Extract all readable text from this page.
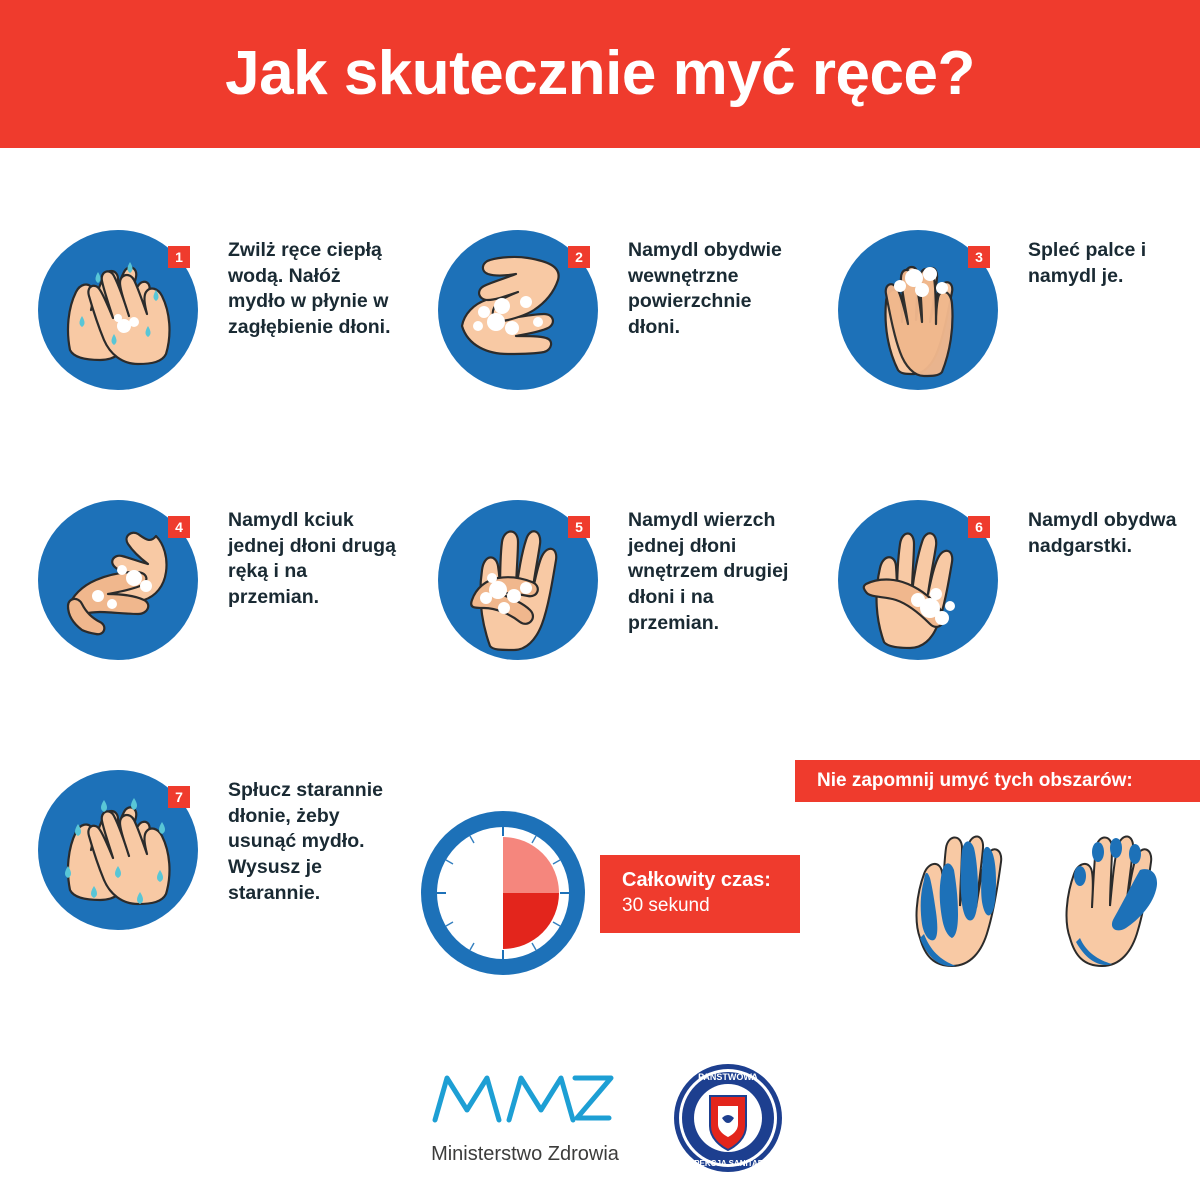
Jak skutecznie myć ręce?
1	Zwilż ręce ciepłą wodą. Nałóż mydło w płynie w zagłębienie dłoni.
2	Namydl obydwie wewnętrzne powierzchnie dłoni.
3	Spleć palce i namydl je.
4	Namydl kciuk jednej dłoni drugą ręką i na przemian.
5	Namydl wierzch jednej dłoni wnętrzem drugiej dłoni i na przemian.
6	Namydl obydwa nadgarstki.
7	Spłucz starannie dłonie, żeby usunąć mydło. Wysusz je starannie.
Całkowity czas:
30 sekund
Nie zapomnij umyć tych obszarów:
Ministerstwo Zdrowia
PAŃSTWOWA
INSPEKCJA SANITARNA
